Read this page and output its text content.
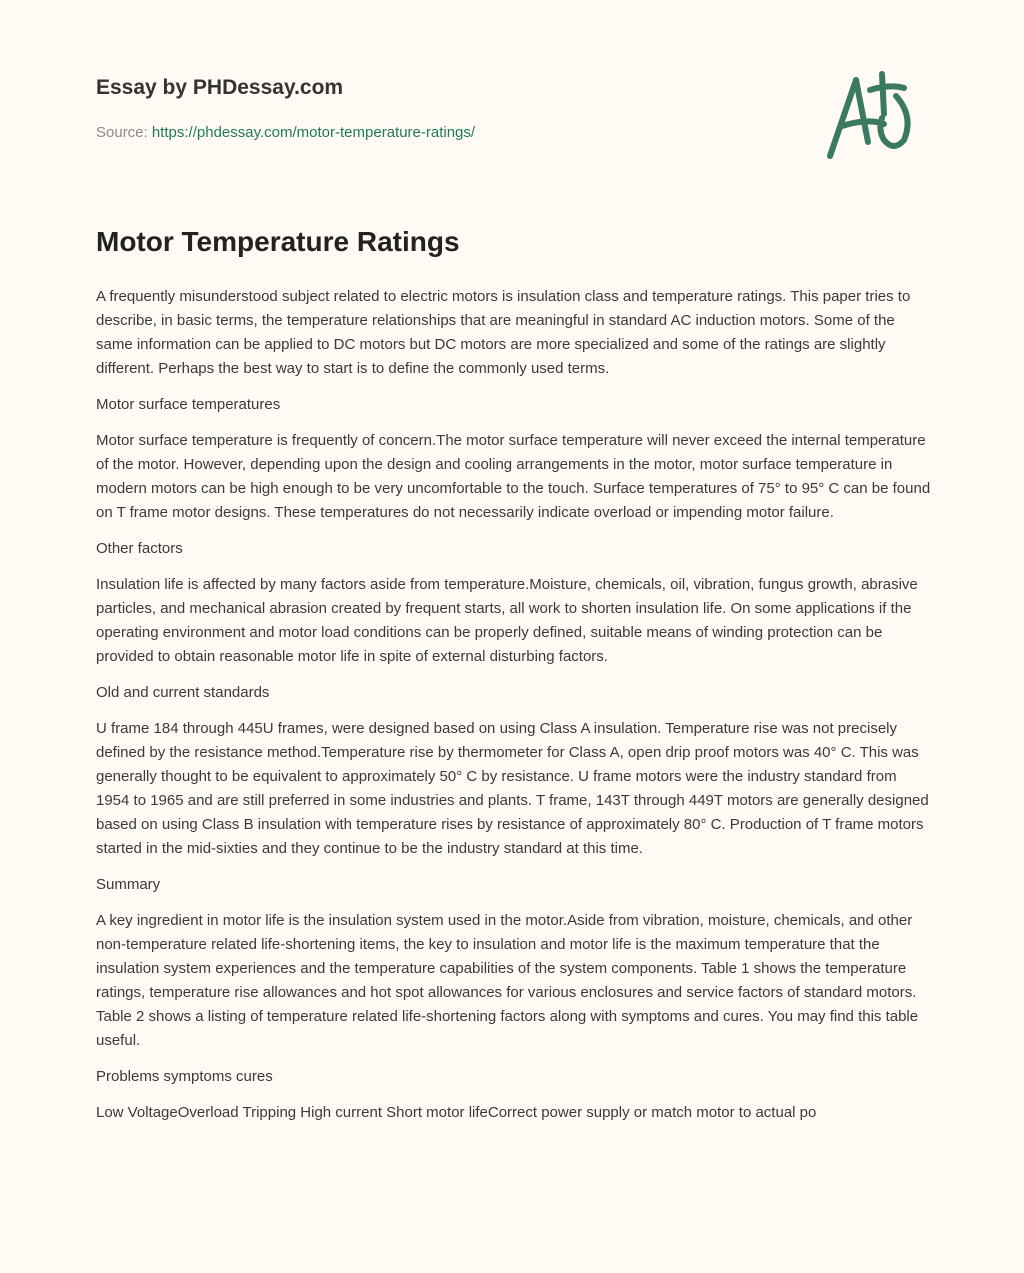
Essay by PHDessay.com

Source: https://phdessay.com/motor-temperature-ratings/
Motor Temperature Ratings

A frequently misunderstood subject related to electric motors is insulation class and temperature ratings. This paper tries to describe, in basic terms, the temperature relationships that are meaningful in standard AC induction motors. Some of the same information can be applied to DC motors but DC motors are more specialized and some of the ratings are slightly different. Perhaps the best way to start is to define the commonly used terms.

Motor surface temperatures

Motor surface temperature is frequently of concern.The motor surface temperature will never exceed the internal temperature of the motor. However, depending upon the design and cooling arrangements in the motor, motor surface temperature in modern motors can be high enough to be very uncomfortable to the touch. Surface temperatures of 75° to 95° C can be found on T frame motor designs. These temperatures do not necessarily indicate overload or impending motor failure.

Other factors

Insulation life is affected by many factors aside from temperature.Moisture, chemicals, oil, vibration, fungus growth, abrasive particles, and mechanical abrasion created by frequent starts, all work to shorten insulation life. On some applications if the operating environment and motor load conditions can be properly defined, suitable means of winding protection can be provided to obtain reasonable motor life in spite of external disturbing factors.

Old and current standards

U frame 184 through 445U frames, were designed based on using Class A insulation. Temperature rise was not precisely defined by the resistance method.Temperature rise by thermometer for Class A, open drip proof motors was 40° C. This was generally thought to be equivalent to approximately 50° C by resistance. U frame motors were the industry standard from 1954 to 1965 and are still preferred in some industries and plants. T frame, 143T through 449T motors are generally designed based on using Class B insulation with temperature rises by resistance of approximately 80° C. Production of T frame motors started in the mid-sixties and they continue to be the industry standard at this time.

Summary

A key ingredient in motor life is the insulation system used in the motor.Aside from vibration, moisture, chemicals, and other non-temperature related life-shortening items, the key to insulation and motor life is the maximum temperature that the insulation system experiences and the temperature capabilities of the system components. Table 1 shows the temperature ratings, temperature rise allowances and hot spot allowances for various enclosures and service factors of standard motors. Table 2 shows a listing of temperature related life-shortening factors along with symptoms and cures. You may find this table useful.

Problems symptoms cures

Low VoltageOverload Tripping High current Short motor lifeCorrect power supply or match motor to actual po
